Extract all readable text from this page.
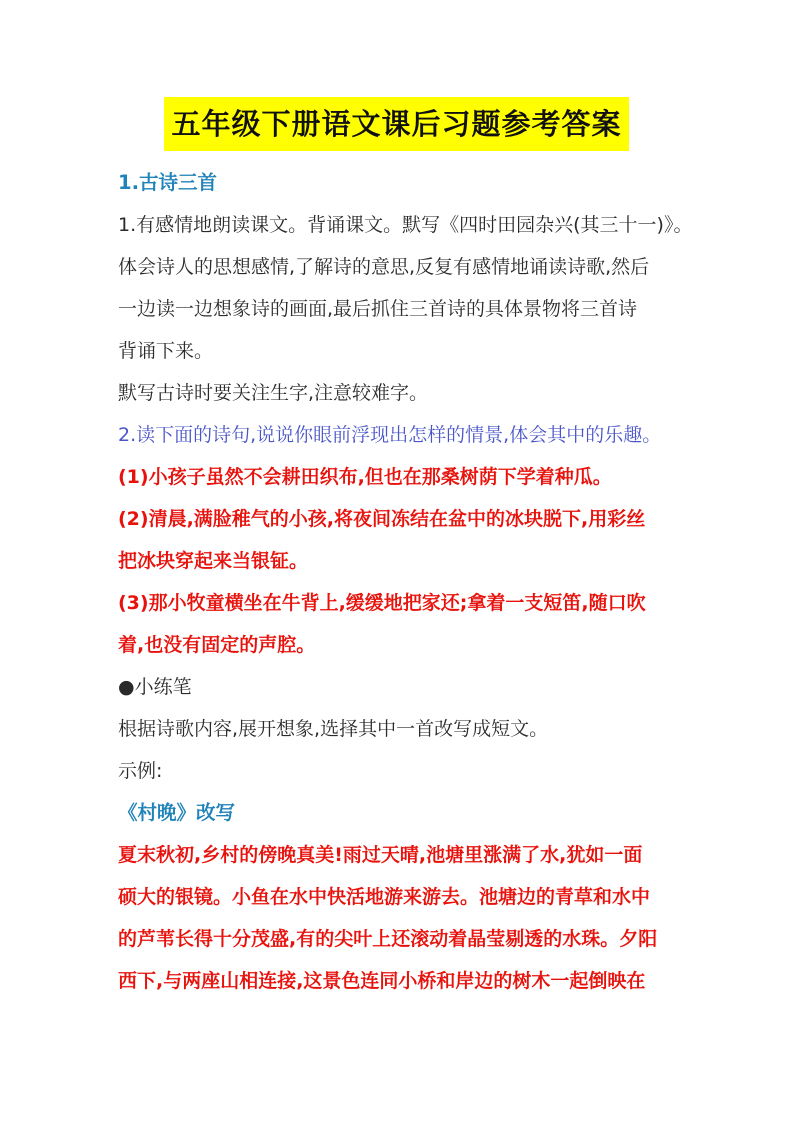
五年级下册语文课后习题参考答案
1.古诗三首
1.有感情地朗读课文。背诵课文。默写《四时田园杂兴(其三十一)》。
体会诗人的思想感情,了解诗的意思,反复有感情地诵读诗歌,然后
一边读一边想象诗的画面,最后抓住三首诗的具体景物将三首诗
背诵下来。
默写古诗时要关注生字,注意较难字。
2.读下面的诗句,说说你眼前浮现出怎样的情景,体会其中的乐趣。
(1)小孩子虽然不会耕田织布,但也在那桑树荫下学着种瓜。
(2)清晨,满脸稚气的小孩,将夜间冻结在盆中的冰块脱下,用彩丝
把冰块穿起来当银钲。
(3)那小牧童横坐在牛背上,缓缓地把家还;拿着一支短笛,随口吹
着,也没有固定的声腔。
●小练笔
根据诗歌内容,展开想象,选择其中一首改写成短文。
示例:
《村晚》改写
夏末秋初,乡村的傍晚真美!雨过天晴,池塘里涨满了水,犹如一面
硕大的银镜。小鱼在水中快活地游来游去。池塘边的青草和水中
的芦苇长得十分茂盛,有的尖叶上还滚动着晶莹剔透的水珠。夕阳
西下,与两座山相连接,这景色连同小桥和岸边的树木一起倒映在
